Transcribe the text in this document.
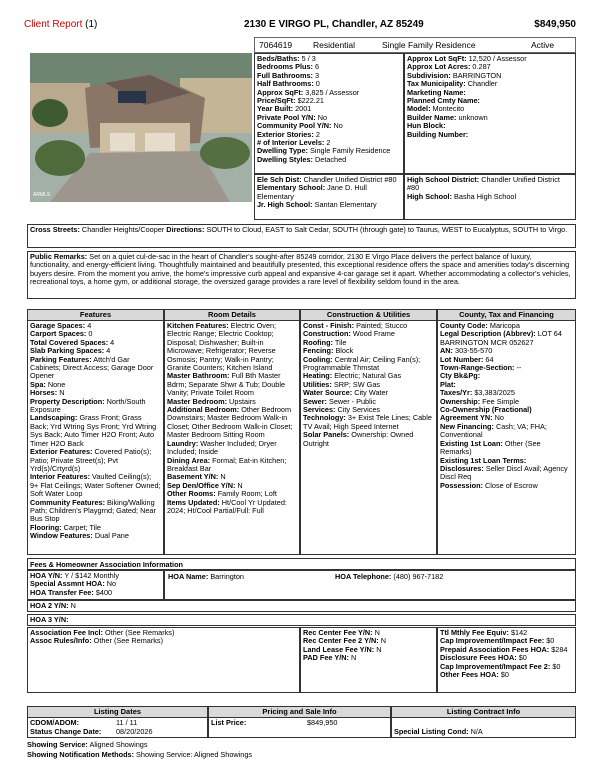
Client Report (1)	2130 E VIRGO PL, Chandler, AZ 85249	$849,950
7064619 Residential	Single Family Residence	Active
ARMLS
Beds/Baths: 5 / 3
Bedrooms Plus: 6
Full Bathrooms: 3
Half Bathrooms: 0
Approx SqFt: 3,825 / Assessor
Price/SqFt: $222.21
Year Built: 2001
Private Pool Y/N: No
Community Pool Y/N: No
Exterior Stories: 2
# of Interior Levels: 2
Dwelling Type: Single Family Residence
Dwelling Styles: Detached
Approx Lot SqFt: 12,520 / Assessor
Approx Lot Acres: 0.287
Subdivision: BARRINGTON
Tax Municipality: Chandler
Marketing Name:
Planned Cmty Name:
Model: Montecito
Builder Name: unknown
Hun Block:
Building Number:
Ele Sch Dist: Chandler Unified District #80
Elementary School: Jane D. Hull Elementary
Jr. High School: Santan Elementary
High School District: Chandler Unified District #80
High School: Basha High School
Cross Streets: Chandler Heights/Cooper Directions: SOUTH to Cloud, EAST to Salt Cedar, SOUTH (through gate) to Taurus, WEST to Eucalyptus, SOUTH to Virgo.
Public Remarks: Set on a quiet cul-de-sac in the heart of Chandler's sought-after 85249 corridor, 2130 E Virgo Place delivers the perfect balance of luxury, functionality, and energy-efficient living. Thoughtfully maintained and beautifully presented, this exceptional residence offers the space and amenities today's discerning buyers desire. From the moment you arrive, the home's impressive curb appeal and expansive 4-car garage set it apart. Whether accommodating a collector's vehicles, recreational toys, a home gym, or additional storage, the oversized garage provides a rare level of flexibility seldom found in the area.
Features
Garage Spaces: 4
Carport Spaces: 0
Total Covered Spaces: 4
Slab Parking Spaces: 4
Parking Features: Attch'd Gar Cabinets; Direct Access; Garage Door Opener
Spa: None
Horses: N
Property Description: North/South Exposure
Landscaping: Grass Front; Grass Back; Yrd Wtring Sys Front; Yrd Wtring Sys Back; Auto Timer H2O Front; Auto Timer H2O Back
Exterior Features: Covered Patio(s); Patio; Private Street(s); Pvt Yrd(s)/Crtyrd(s)
Interior Features: Vaulted Ceiling(s); 9+ Flat Ceilings; Water Softener Owned; Soft Water Loop
Community Features: Biking/Walking Path; Children's Playgrnd; Gated; Near Bus Stop
Flooring: Carpet; Tile
Window Features: Dual Pane
Room Details
Kitchen Features: Electric Oven; Electric Range; Electric Cooktop; Disposal; Dishwasher; Built-in Microwave; Refrigerator; Reverse Osmosis; Pantry; Walk-in Pantry; Granite Counters; Kitchen Island
Master Bathroom: Full Bth Master Bdrm; Separate Shwr & Tub; Double Vanity; Private Toilet Room
Master Bedroom: Upstairs
Additional Bedroom: Other Bedroom Downstairs; Master Bedroom Walk-in Closet; Other Bedroom Walk-in Closet; Master Bedroom Sitting Room
Laundry: Washer Included; Dryer Included; Inside
Dining Area: Formal; Eat-in Kitchen; Breakfast Bar
Basement Y/N: N
Sep Den/Office Y/N: N
Other Rooms: Family Room; Loft
Items Updated: Ht/Cool Yr Updated: 2024; Ht/Cool Partial/Full: Full
Construction & Utilities
Const - Finish: Painted; Stucco
Construction: Wood Frame
Roofing: Tile
Fencing: Block
Cooling: Central Air; Ceiling Fan(s); Programmable Thmstat
Heating: Electric; Natural Gas
Utilities: SRP; SW Gas
Water Source: City Water
Sewer: Sewer - Public
Services: City Services
Technology: 3+ Exist Tele Lines; Cable TV Avail; High Speed Internet
Solar Panels: Ownership: Owned Outright
County, Tax and Financing
County Code: Maricopa
Legal Description (Abbrev): LOT 64 BARRINGTON MCR 052627
AN: 303-55-570
Lot Number: 64
Town-Range-Section: --
Cty Bk&Pg:
Plat:
Taxes/Yr: $3,383/2025
Ownership: Fee Simple
Co-Ownership (Fractional)
Agreement YN: No
New Financing: Cash; VA; FHA; Conventional
Existing 1st Loan: Other (See Remarks)
Existing 1st Loan Terms:
Disclosures: Seller Discl Avail; Agency Discl Req
Possession: Close of Escrow
Fees & Homeowner Association Information
HOA Y/N: Y / $142 Monthly
Special Assmnt HOA: No
HOA Transfer Fee: $400
HOA Name: Barrington	HOA Telephone: (480) 967-7182
HOA 2 Y/N: N
HOA 3 Y/N:
Association Fee Incl: Other (See Remarks)
Assoc Rules/Info: Other (See Remarks)
Rec Center Fee Y/N: N
Rec Center Fee 2 Y/N: N
Land Lease Fee Y/N: N
PAD Fee Y/N: N
Ttl Mthly Fee Equiv: $142
Cap Improvement/Impact Fee: $0
Prepaid Association Fees HOA: $284
Disclosure Fees HOA: $0
Cap Improvement/Impact Fee 2: $0
Other Fees HOA: $0
Listing Dates
CDOM/ADOM:	11 / 11
Status Change Date: 08/20/2026
Pricing and Sale Info
List Price:	$849,950
Listing Contract Info
Special Listing Cond: N/A
Showing Service: Aligned Showings
Showing Notification Methods: Showing Service: Aligned Showings
